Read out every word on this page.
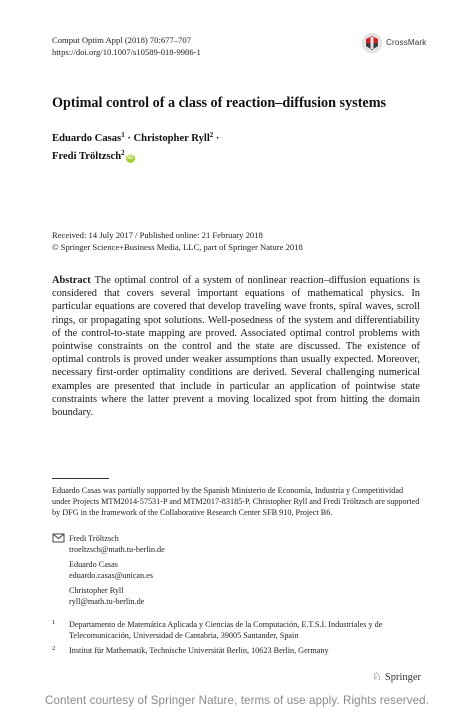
Comput Optim Appl (2018) 70:677–707
https://doi.org/10.1007/s10589-018-9986-1
CrossMark
Optimal control of a class of reaction–diffusion systems
Eduardo Casas$^1$ · Christopher Ryll$^2$ ·
Fredi Tröltzsch$^2$iD
Received: 14 July 2017 / Published online: 21 February 2018
© Springer Science+Business Media, LLC, part of Springer Nature 2018
Abstract The optimal control of a system of nonlinear reaction–diffusion equations is considered that covers several important equations of mathematical physics. In particular equations are covered that develop traveling wave fronts, spiral waves, scroll rings, or propagating spot solutions. Well-posedness of the system and differentiability of the control-to-state mapping are proved. Associated optimal control problems with pointwise constraints on the control and the state are discussed. The existence of optimal controls is proved under weaker assumptions than usually expected. Moreover, necessary first-order optimality conditions are derived. Several challenging numerical examples are presented that include in particular an application of pointwise state constraints where the latter prevent a moving localized spot from hitting the domain boundary.
Eduardo Casas was partially supported by the Spanish Ministerio de Economía, Industria y Competitividad under Projects MTM2014-57531-P and MTM2017-83185-P. Christopher Ryll and Fredi Tröltzsch are supported by DFG in the framework of the Collaborative Research Center SFB 910, Project B6.
Fredi Tröltzsch
troeltzsch@math.tu-berlin.de
Eduardo Casas
eduardo.casas@unican.es
Christopher Ryll
ryll@math.tu-berlin.de
1 Departamento de Matemática Aplicada y Ciencias de la Computación, E.T.S.I. Industriales y de Telecomunicación, Universidad de Cantabria, 39005 Santander, Spain
2 Institut für Mathematik, Technische Universität Berlin, 10623 Berlin, Germany
♘ Springer
Content courtesy of Springer Nature, terms of use apply. Rights reserved.
